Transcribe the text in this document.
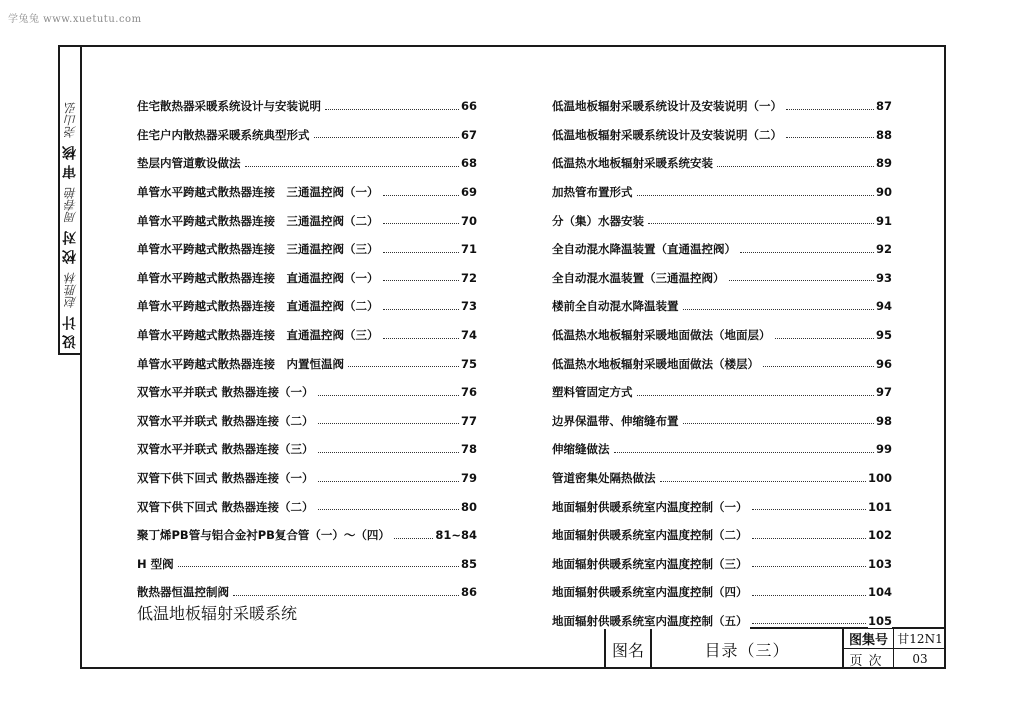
学兔兔 www.xuetutu.com
设 计
赵胜林
校 对
周春艳
审 核
尧山弘	住宅散热器采暖系统设计与安装说明	66
住宅户内散热器采暖系统典型形式	67
垫层内管道敷设做法	68
单管水平跨越式散热器连接　三通温控阀（一）	69
单管水平跨越式散热器连接　三通温控阀（二）	70
单管水平跨越式散热器连接　三通温控阀（三）	71
单管水平跨越式散热器连接　直通温控阀（一）	72
单管水平跨越式散热器连接　直通温控阀（二）	73
单管水平跨越式散热器连接　直通温控阀（三）	74
单管水平跨越式散热器连接　内置恒温阀	75
双管水平并联式 散热器连接（一）	76
双管水平并联式 散热器连接（二）	77
双管水平并联式 散热器连接（三）	78
双管下供下回式 散热器连接（一）	79
双管下供下回式 散热器连接（二）	80
聚丁烯PB管与铝合金衬PB复合管（一）～（四）	81~84
H 型阀	85
散热器恒温控制阀	86
低温地板辐射采暖系统设计及安装说明（一）	87
低温地板辐射采暖系统设计及安装说明（二）	88
低温热水地板辐射采暖系统安装	89
加热管布置形式	90
分（集）水器安装	91
全自动混水降温装置（直通温控阀）	92
全自动混水温装置（三通温控阀）	93
楼前全自动混水降温装置	94
低温热水地板辐射采暖地面做法（地面层）	95
低温热水地板辐射采暖地面做法（楼层）	96
塑料管固定方式	97
边界保温带、伸缩缝布置	98
伸缩缝做法	99
管道密集处隔热做法	100
地面辐射供暖系统室内温度控制（一）	101
地面辐射供暖系统室内温度控制（二）	102
地面辐射供暖系统室内温度控制（三）	103
地面辐射供暖系统室内温度控制（四）	104
地面辐射供暖系统室内温度控制（五）	105
低温地板辐射采暖系统
图名	目录（三）	图集号 甘12N1
页次	03
